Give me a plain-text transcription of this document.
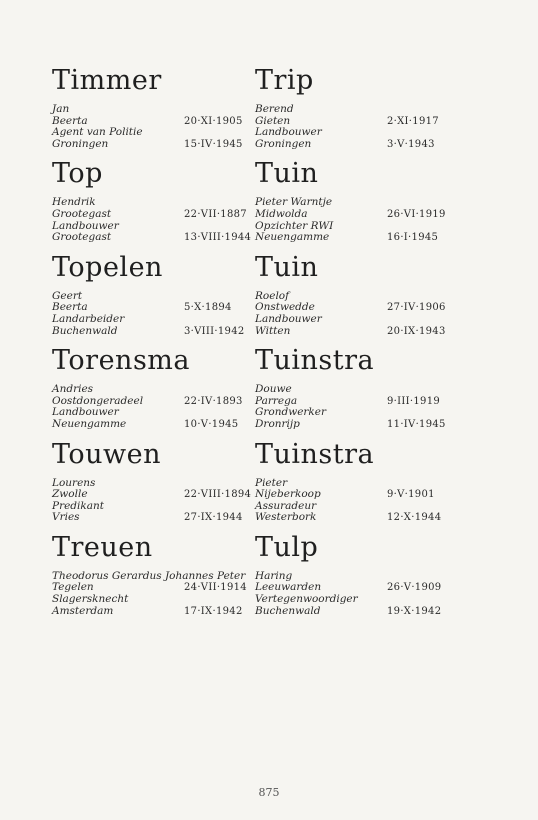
Timmer
Jan
Beerta	20·XI·1905
Agent van Politie
Groningen	15·IV·1945
Top
Hendrik
Grootegast	22·VII·1887
Landbouwer
Grootegast	13·VIII·1944
Topelen
Geert
Beerta	5·X·1894
Landarbeider
Buchenwald	3·VIII·1942
Torensma
Andries
Oostdongeradeel	22·IV·1893
Landbouwer
Neuengamme	10·V·1945
Touwen
Lourens
Zwolle	22·VIII·1894
Predikant
Vries	27·IX·1944
Treuen
Theodorus Gerardus Johannes Peter
Tegelen	24·VII·1914
Slagersknecht
Amsterdam	17·IX·1942
Trip
Berend
Gieten	2·XI·1917
Landbouwer
Groningen	3·V·1943
Tuin
Pieter Warntje
Midwolda	26·VI·1919
Opzichter RWI
Neuengamme	16·I·1945
Tuin
Roelof
Onstwedde	27·IV·1906
Landbouwer
Witten	20·IX·1943
Tuinstra
Douwe
Parrega	9·III·1919
Grondwerker
Dronrijp	11·IV·1945
Tuinstra
Pieter
Nijeberkoop	9·V·1901
Assuradeur
Westerbork	12·X·1944
Tulp
Haring
Leeuwarden	26·V·1909
Vertegenwoordiger
Buchenwald	19·X·1942
875
